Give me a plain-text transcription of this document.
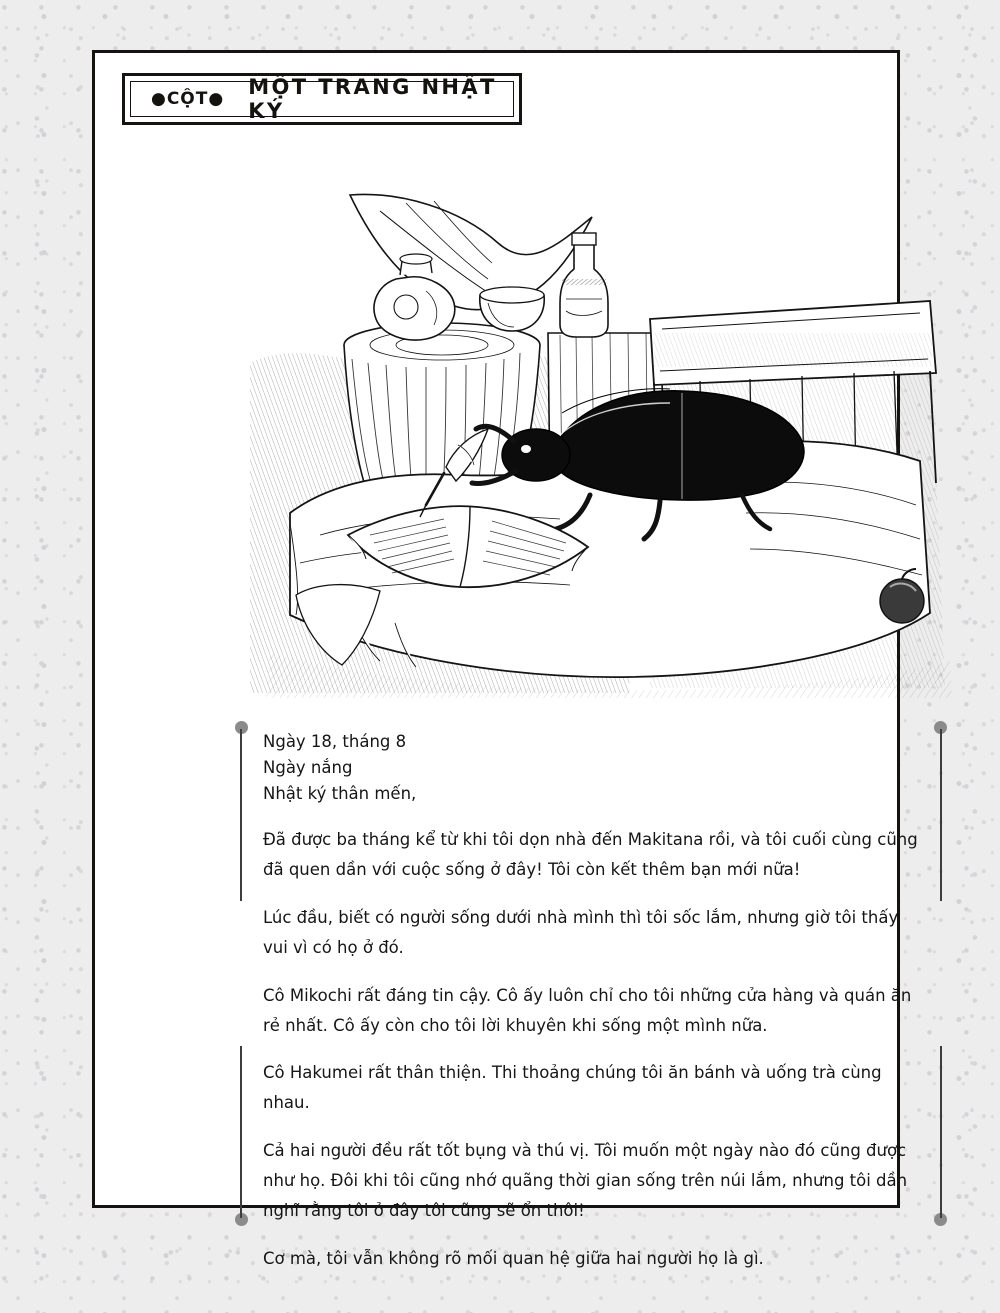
Ngày 18, tháng 8
Ngày nắng
Nhật ký thân mến,

Đã được ba tháng kể từ khi tôi dọn nhà đến Makitana rồi, và tôi cuối cùng cũng đã quen dần với cuộc sống ở đây! Tôi còn kết thêm bạn mới nữa!

Lúc đầu, biết có người sống dưới nhà mình thì tôi sốc lắm, nhưng giờ tôi thấy vui vì có họ ở đó.

Cô Mikochi rất đáng tin cậy. Cô ấy luôn chỉ cho tôi những cửa hàng và quán ăn rẻ nhất. Cô ấy còn cho tôi lời khuyên khi sống một mình nữa.

Cô Hakumei rất thân thiện. Thi thoảng chúng tôi ăn bánh và uống trà cùng nhau.

Cả hai người đều rất tốt bụng và thú vị. Tôi muốn một ngày nào đó cũng được như họ. Đôi khi tôi cũng nhớ quãng thời gian sống trên núi lắm, nhưng tôi dần nghĩ rằng tôi ở đây tôi cũng sẽ ổn thôi!

Cơ mà, tôi vẫn không rõ mối quan hệ giữa hai người họ là gì.

●CỘT● MỘT TRANG NHẬT KÝ
